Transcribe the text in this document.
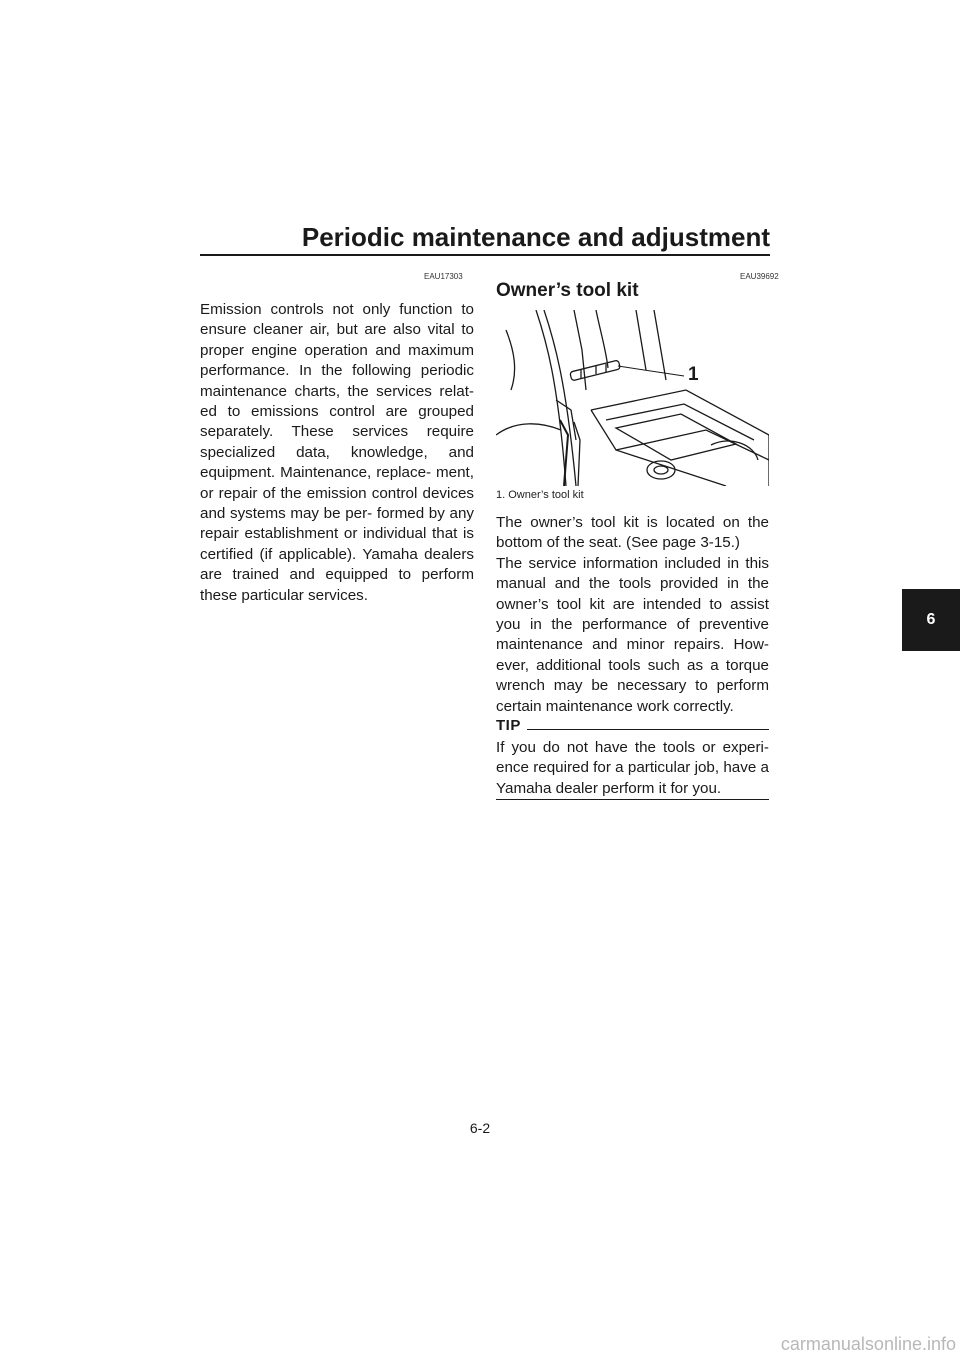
Periodic maintenance and adjustment
EAU17303

Emission controls not only function to ensure cleaner air, but are also vital to proper engine operation and maximum performance. In the following periodic maintenance charts, the services relat- ed to emissions control are grouped separately. These services require specialized data, knowledge, and equipment. Maintenance, replace- ment, or repair of the emission control devices and systems may be per- formed by any repair establishment or individual that is certified (if applicable). Yamaha dealers are trained and equipped to perform these particular services.

EAU39692
Owner’s tool kit
1
1. Owner’s tool kit

The owner’s tool kit is located on the bottom of the seat. (See page 3-15.)

The service information included in this manual and the tools provided in the owner’s tool kit are intended to assist you in the performance of preventive maintenance and minor repairs. How- ever, additional tools such as a torque wrench may be necessary to perform certain maintenance work correctly.

TIP

If you do not have the tools or experi- ence required for a particular job, have a Yamaha dealer perform it for you.

6
6-2
carmanualsonline.info
